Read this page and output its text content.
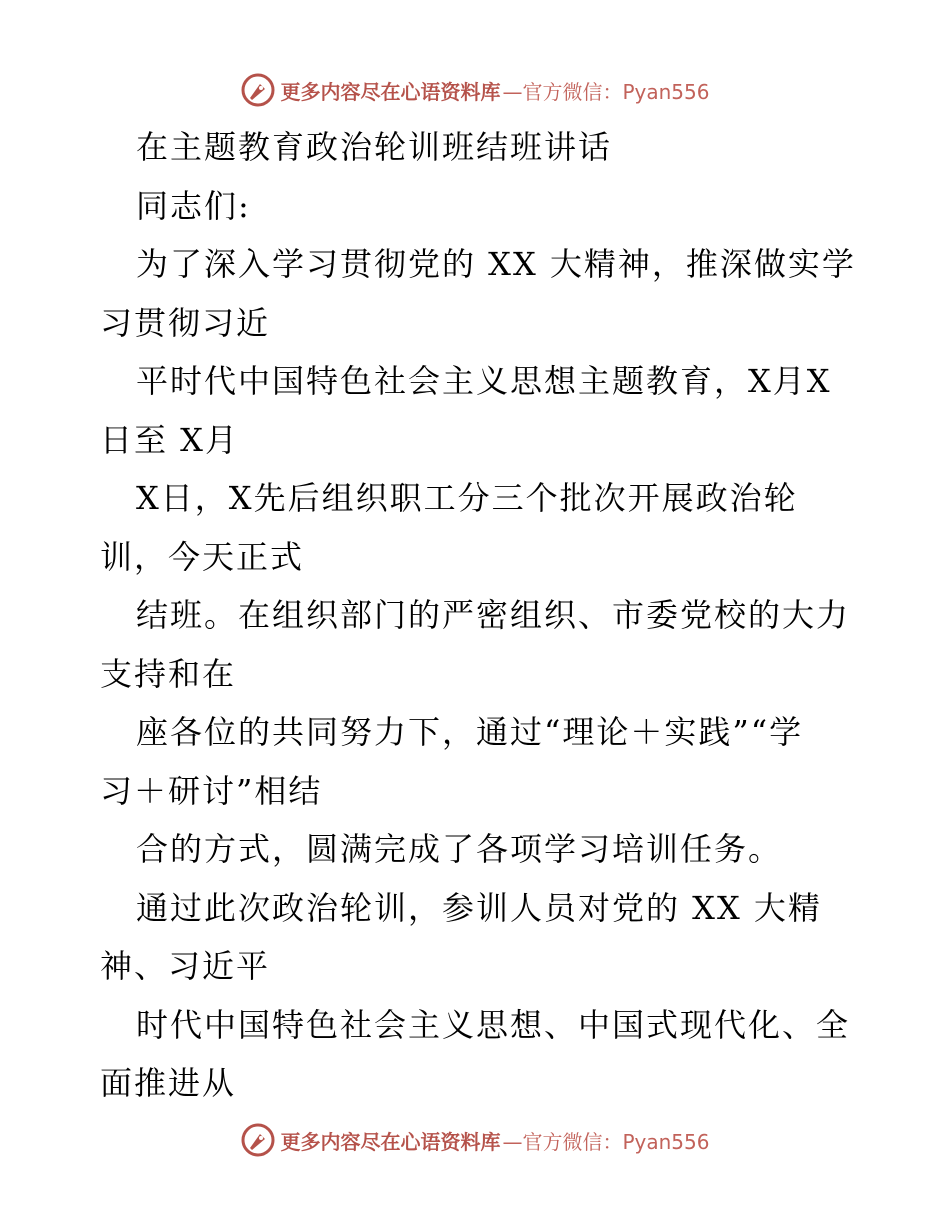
更多内容尽在心语资料库 —官方微信：Pyan556
在主题教育政治轮训班结班讲话
同志们:
为了深入学习贯彻党的 XX 大精神，推深做实学
习贯彻习近
平时代中国特色社会主义思想主题教育，X月X
日至 X月
X日，X先后组织职工分三个批次开展政治轮
训，今天正式
结班。在组织部门的严密组织、市委党校的大力
支持和在
座各位的共同努力下，通过“理论＋实践”“学
习＋研讨”相结
合的方式，圆满完成了各项学习培训任务。
通过此次政治轮训，参训人员对党的 XX 大精
神、习近平
时代中国特色社会主义思想、中国式现代化、全
面推进从
更多内容尽在心语资料库 —官方微信：Pyan556
